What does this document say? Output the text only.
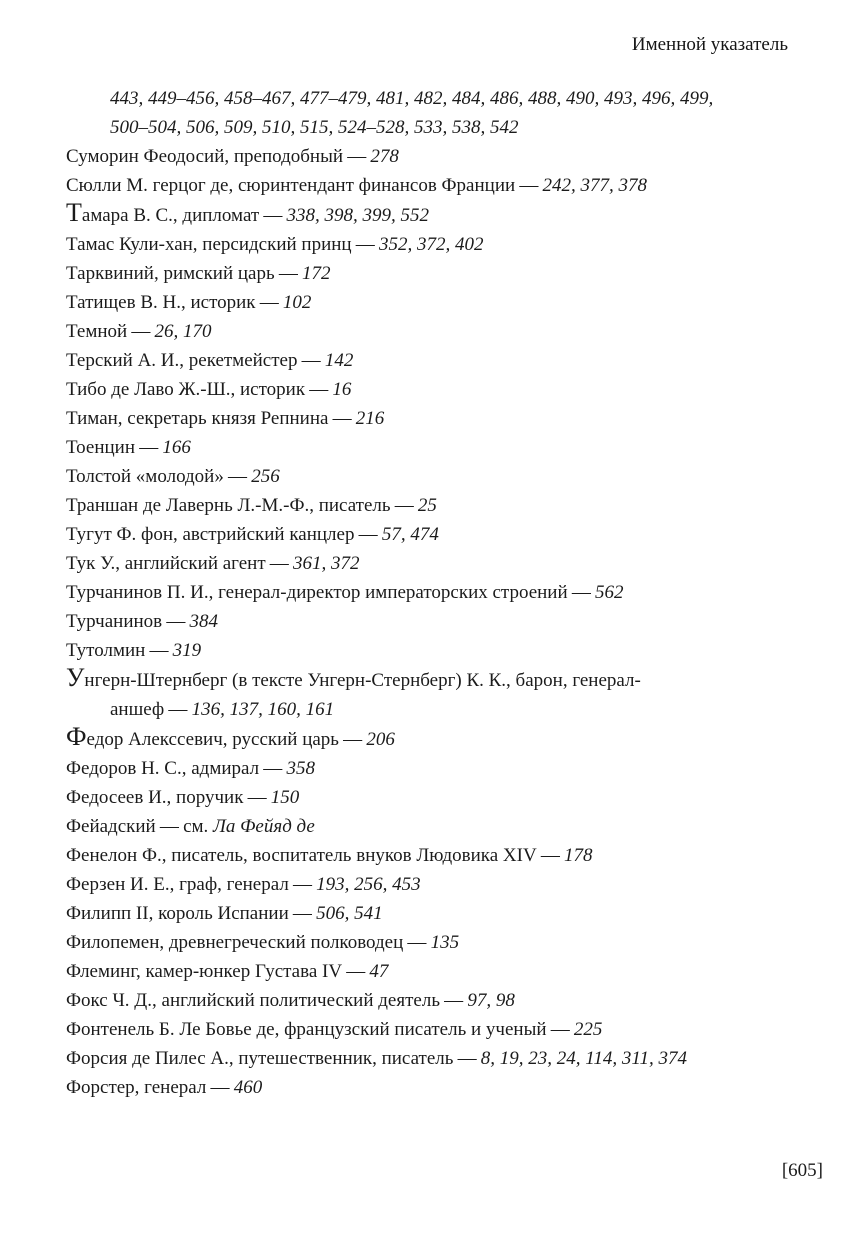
Именной указатель

443, 449–456, 458–467, 477–479, 481, 482, 484, 486, 488, 490, 493, 496, 499,
500–504, 506, 509, 510, 515, 524–528, 533, 538, 542

Суморин Феодосий, преподобный — 278

Сюлли М. герцог де, сюринтендант финансов Франции — 242, 377, 378

Тамара В. С., дипломат — 338, 398, 399, 552

Тамас Кули-хан, персидский принц — 352, 372, 402

Тарквиний, римский царь — 172

Татищев В. Н., историк — 102

Темной — 26, 170

Терский А. И., рекетмейстер — 142

Тибо де Лаво Ж.-Ш., историк — 16

Тиман, секретарь князя Репнина — 216

Тоенцин — 166

Толстой «молодой» — 256

Траншан де Лавернь Л.-М.-Ф., писатель — 25

Тугут Ф. фон, австрийский канцлер — 57, 474

Тук У., английский агент — 361, 372

Турчанинов П. И., генерал-директор императорских строений — 562

Турчанинов — 384

Тутолмин — 319

Унгерн-Штернберг (в тексте Унгерн-Стернберг) К. К., барон, генерал-
аншеф — 136, 137, 160, 161

Федор Алекссевич, русский царь — 206

Федоров Н. С., адмирал — 358

Федосеев И., поручик — 150

Фейадский — см. Ла Фейяд де

Фенелон Ф., писатель, воспитатель внуков Людовика XIV — 178

Ферзен И. Е., граф, генерал — 193, 256, 453

Филипп II, король Испании — 506, 541

Филопемен, древнегреческий полководец — 135

Флеминг, камер-юнкер Густава IV — 47

Фокс Ч. Д., английский политический деятель — 97, 98

Фонтенель Б. Ле Бовье де, французский писатель и ученый — 225

Форсия де Пилес А., путешественник, писатель — 8, 19, 23, 24, 114, 311, 374

Форстер, генерал — 460

[605]
